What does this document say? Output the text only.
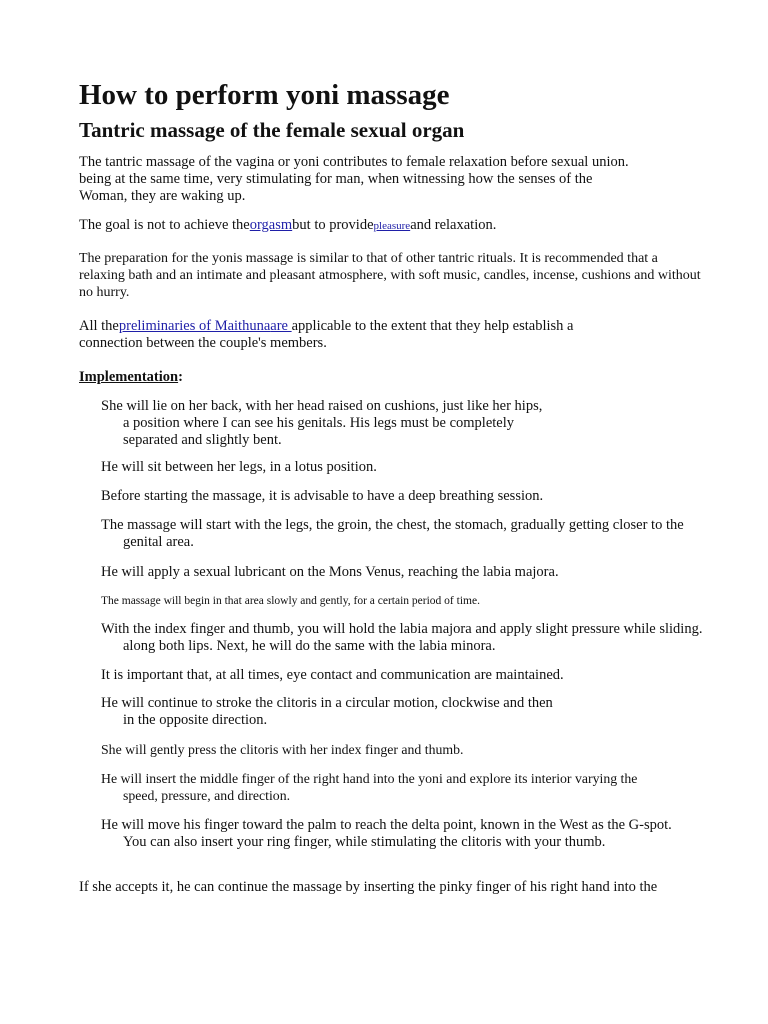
How to perform yoni massage
Tantric massage of the female sexual organ

The tantric massage of the vagina or yoni contributes to female relaxation before sexual union.
being at the same time, very stimulating for man, when witnessing how the senses of the
Woman, they are waking up.

The goal is not to achieve theorgasmbut to providepleasureand relaxation.

The preparation for the yonis massage is similar to that of other tantric rituals. It is recommended that a
relaxing bath and an intimate and pleasant atmosphere, with soft music, candles, incense, cushions and without
no hurry.

All thepreliminaries of Maithunaare applicable to the extent that they help establish a
connection between the couple's members.

Implementation:

She will lie on her back, with her head raised on cushions, just like her hips,
a position where I can see his genitals. His legs must be completely
separated and slightly bent.
He will sit between her legs, in a lotus position.
Before starting the massage, it is advisable to have a deep breathing session.
The massage will start with the legs, the groin, the chest, the stomach, gradually getting closer to the
genital area.
He will apply a sexual lubricant on the Mons Venus, reaching the labia majora.
The massage will begin in that area slowly and gently, for a certain period of time.
With the index finger and thumb, you will hold the labia majora and apply slight pressure while sliding.
along both lips. Next, he will do the same with the labia minora.
It is important that, at all times, eye contact and communication are maintained.
He will continue to stroke the clitoris in a circular motion, clockwise and then
in the opposite direction.
She will gently press the clitoris with her index finger and thumb.
He will insert the middle finger of the right hand into the yoni and explore its interior varying the
speed, pressure, and direction.
He will move his finger toward the palm to reach the delta point, known in the West as the G-spot.
You can also insert your ring finger, while stimulating the clitoris with your thumb.

If she accepts it, he can continue the massage by inserting the pinky finger of his right hand into the
